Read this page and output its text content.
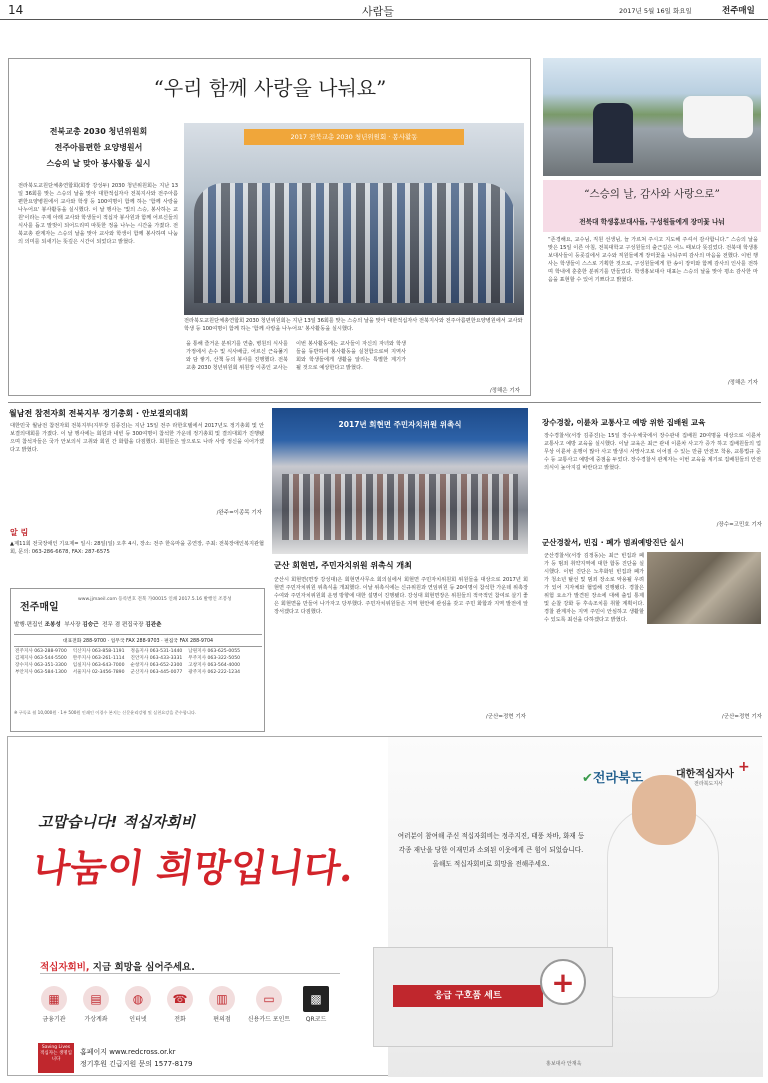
14	사람들	2017년 5월 16일 화요일	전주매일
“우리 함께 사랑을 나눠요”
전북교총 2030 청년위원회
전주아름편한 요양병원서
스승의 날 맞아 봉사활동 실시
전라북도교원단체총연합회(회장 강성두) 2030 청년위원회는 지난 13일 36회를 맞는 스승의 날을 맞아 대한적십자사 전북지사와 전주아름편한요양병원에서 교사와 학생 등 100여명이 함께 하는 '함께 사랑을 나누어요' 봉사활동을 실시했다. 이 날 행사는 '빛의 스승, 봉사하는 교원'이라는 주제 아래 교사와 학생들이 적십자 봉사원과 함께 어르신들의 식사를 돕고 말벗이 되어드리며 따뜻한 정을 나누는 시간을 가졌다. 전북교총 관계자는 스승의 날을 맞아 교사와 학생이 함께 봉사하며 나눔의 의미를 되새기는 뜻깊은 시간이 되었다고 밝혔다.
2017 전북교총 2030 청년위원회 · 봉사활동
전라북도교원단체총연합회 2030 청년위원회는 지난 13일 36회를 맞는 스승의 날을 맞아 대한적십자사 전북지사와 전주아름편한요양병원에서 교사와 학생 등 100여명이 함께 하는 '함께 사랑을 나누어요' 봉사활동을 실시했다.
을 통해 즐거운 분위기를 연출, 병원의 식사를 가정에서 손수 및 식사배급, 어르신 근육풀기와 담 쌓기, 산책 등의 봉사를 진행했다. 전북교총 2030 청년위원회 위원장 이종인 교사는
이번 봉사활동에는 교사들이 자신의 자녀와 학생들을 동반하여 봉사활동을 실천함으로써 지역사회와 학생들에게 생활을 알리는 특별한 계기가 될 것으로 예상한다고 밝혔다.
/정해은 기자
“스승의 날, 감사와 사랑으로”
전북대 학생홍보대사들, 구성원들에게 장미꽃 나눠
“존경해요, 교수님, 직원 선생님, 늘 가르쳐 주시고 지도해 주셔서 감사합니다.” 스승의 날을 맞은 15일 이른 아침, 전북대학교 구성원들의 출근길은 어느 때보다 뜻깊었다. 전북대 학생홍보대사들이 등굣길에서 교수와 직원들에게 장미꽃을 나눠주며 감사의 마음을 전했다. 이번 행사는 학생들이 스스로 기획한 것으로, 구성원들에게 한 송이 장미와 함께 감사의 인사를 전하며 학내에 훈훈한 분위기를 만들었다. 학생홍보대사 대표는 스승의 날을 맞아 평소 감사한 마음을 표현할 수 있어 기쁘다고 밝혔다.
/정해은 기자
월남전 참전자회 전북지부 정기총회 · 안보결의대회
대한민국 월남전 참전자회 전북지부(지부장 김종진)는 지난 15일 전주 라한호텔에서 2017년도 정기총회 및 안보결의대회를 가졌다. 이 날 행사에는 회원과 내빈 등 300여명이 참석한 가운데 정기총회 및 결의대회가 진행됐으며 참석자들은 국가 안보의식 고취와 회원 간 화합을 다짐했다. 회원들은 앞으로도 나라 사랑 정신을 이어가겠다고 밝혔다.
/완주=이종목 기자
알 림
▲제11회 전국장애인 기요제= 일시: 28일(일) 오후 4시, 장소: 전주 한옥마을 공연장, 주최: 전북장애인복지관협회, 문의: 063-286-6678, FAX: 287-6575
전주매일
www.jjmaeil.com 등록번호 전북 가00015 인쇄 2017.5.16 발행인 조봉성
발행·편집인 조봉성 부사장 김승근 전무 겸 편집국장 김관춘
대표전화 288-9700 · 업무국 FAX 288-9703 · 편집국 FAX 288-9704
전주지사 063-288-9700	익산지사 063-858-1191	정읍지사 063-531-1440	남원지사 063-625-0055
김제지사 063-544-5500	완주지사 063-261-1114	진안지사 063-433-3331	무주지사 063-322-5050
장수지사 063-351-3300	임실지사 063-643-7000	순창지사 063-652-2300	고창지사 063-564-4000
부안지사 063-584-1300	서울지사 02-3456-7890	군산지사 063-445-0077	광주지사 062-222-1234
※ 구독료 월 10,000원 · 1부 500원 인쇄인 이경수 본지는 신문윤리강령 및 실천요강을 준수합니다.
2017년 회현면 주민자치위원 위촉식
군산 회현면, 주민자치위원 위촉식 개최
군산시 회현면(면장 강성대)은 회현면사무소 회의실에서 회현면 주민자치위원회 위원들을 대상으로 2017년 회현면 주민자치위원 위촉식을 개최했다. 이날 위촉식에는 신규위원과 연임위원 등 20여명이 참석한 가운데 위촉장 수여와 주민자치위원회 운영 방향에 대한 설명이 진행됐다. 강성대 회현면장은 위원들의 적극적인 참여로 살기 좋은 회현면을 만들어 나가자고 당부했다. 주민자치위원들은 지역 현안에 관심을 갖고 주민 화합과 지역 발전에 앞장서겠다고 다짐했다.
/군산=정현 기자
장수경찰, 이륜차 교통사고 예방 위한 집배원 교육
장수경찰서(서장 김종진)는 15일 장수우체국에서 장수관내 집배원 20여명을 대상으로 이륜차 교통사고 예방 교육을 실시했다. 이날 교육은 최근 관내 이륜차 사고가 증가 하고 집배원들의 업무상 이륜차 운행이 많아 사고 발생시 사망사고로 이어질 수 있는 만큼 안전모 착용, 교통법규 준수 등 교통사고 예방에 중점을 두었다. 장수경찰서 관계자는 이번 교육을 계기로 집배원들의 안전의식이 높아지길 바란다고 밝혔다.
/장수=고민호 기자
군산경찰서, 빈집 · 폐가 범죄예방진단 실시
군산경찰서(서장 김정동)는 최근 빈집과 폐가 등 범죄 취약지역에 대한 합동 진단을 실시했다. 이번 진단은 노후화된 빈집과 폐가가 청소년 탈선 및 범죄 장소로 악용될 우려가 있어 지자체와 협업해 진행됐다. 경찰은 위험 요소가 발견된 장소에 대해 출입 통제 및 순찰 강화 등 후속조치를 취할 계획이다. 경찰 관계자는 지역 주민이 안심하고 생활할 수 있도록 최선을 다하겠다고 밝혔다.
/군산=정현 기자
응급 구호품 세트	+
홍보대사 안재욱
✔전라북도	대한적십자사 +
전라북도지사
고맙습니다! 적십자회비
나눔이 희망입니다.
여러분이 참여해 주신 적십자회비는 정주지진, 태풍 차바, 화재 등 각종 재난을 당한 이재민과 소외된 이웃에게 큰 힘이 되었습니다. 올해도 적십자회비로 희망을 전해주세요.
적십자회비, 지금 희망을 심어주세요.
Saving Lives 적십자는 생명입니다
홈페이지 www.redcross.or.kr
정기후원 긴급지원 문의 1577-8179
▦
금융기관
▤
가상계좌
◍
인터넷
☎
전화
▥
편의점
▭
신용카드 포인트
▩
QR코드
